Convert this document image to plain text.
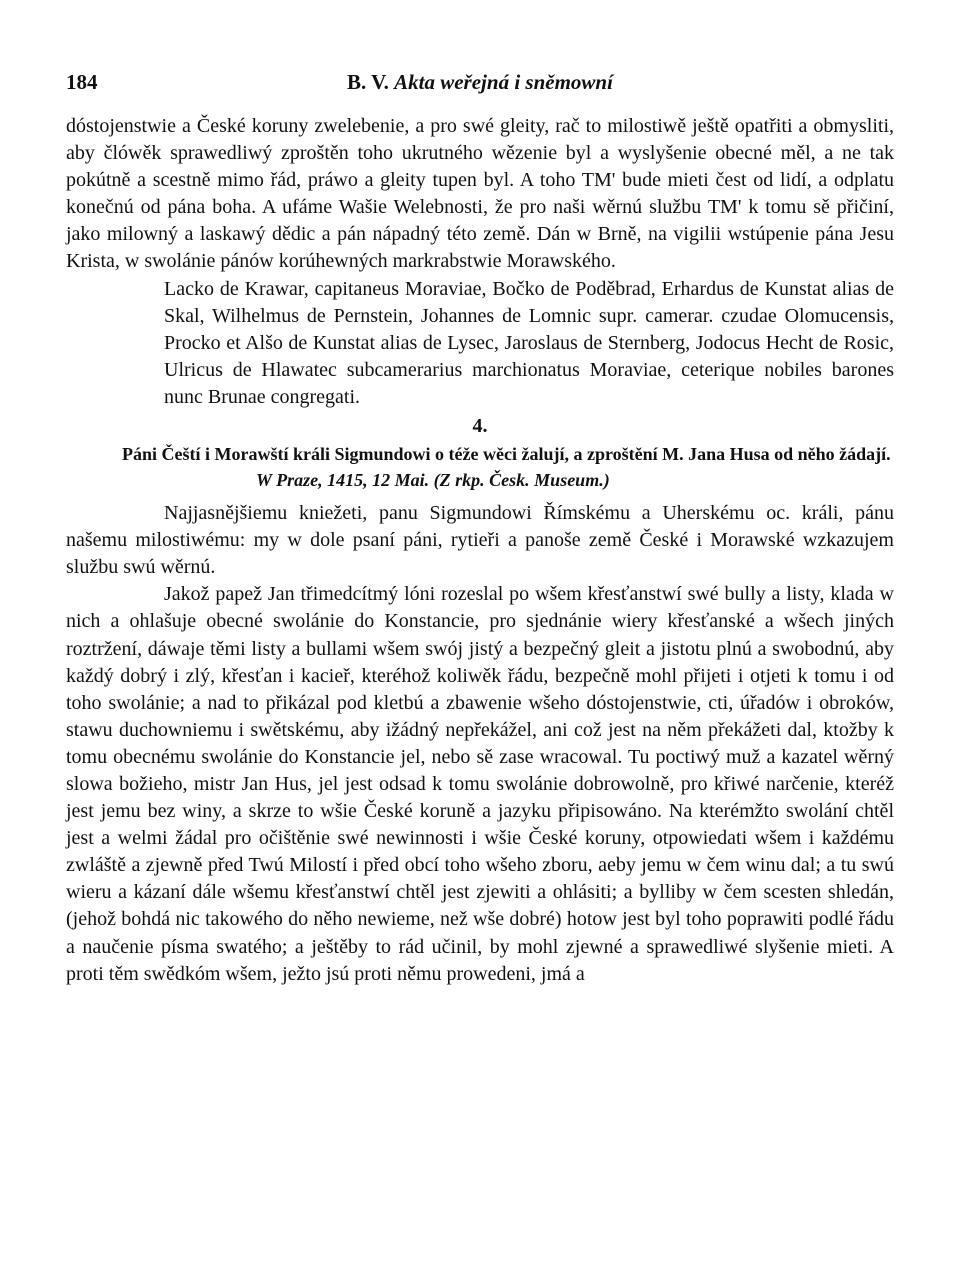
184	B. V. Akta weřejná i sněmowní

dóstojenstwie a České koruny zwelebenie, a pro swé gleity, rač to milostiwě ještě opatřiti a obmysliti, aby člówěk sprawedliwý zproštěn toho ukrutného wězenie byl a wyslyšenie obecné měl, a ne tak pokútně a scestně mimo řád, práwo a gleity tupen byl. A toho TM' bude mieti čest od lidí, a odplatu konečnú od pána boha. A ufáme Wašie Welebnosti, že pro naši wěrnú službu TM' k tomu sě přičiní, jako milowný a laskawý dědic a pán nápadný této země. Dán w Brně, na vigilii wstúpenie pána Jesu Krista, w swolánie pánów korúhewných markrabstwie Morawského.

Lacko de Krawar, capitaneus Moraviae, Bočko de Poděbrad, Erhardus de Kunstat alias de Skal, Wilhelmus de Pernstein, Johannes de Lomnic supr. camerar. czudae Olomucensis, Procko et Alšo de Kunstat alias de Lysec, Jaroslaus de Sternberg, Jodocus Hecht de Rosic, Ulricus de Hlawatec subcamerarius marchionatus Moraviae, ceterique nobiles barones nunc Brunae congregati.

4.

Páni Čeští i Morawští králi Sigmundowi o téže wěci žalují, a zproštění M. Jana Husa od něho žádají.

W Praze, 1415, 12 Mai. (Z rkp. Česk. Museum.)

Najjasnějšiemu kniežeti, panu Sigmundowi Římskému a Uherskému oc. králi, pánu našemu milostiwému: my w dole psaní páni, rytieři a panoše země České i Morawské wzkazujem službu swú wěrnú.

Jakož papež Jan třimedcítmý lóni rozeslal po wšem křesťanstwí swé bully a listy, klada w nich a ohlašuje obecné swolánie do Konstancie, pro sjednánie wiery křesťanské a wšech jiných roztržení, dáwaje těmi listy a bullami wšem swój jistý a bezpečný gleit a jistotu plnú a swobodnú, aby každý dobrý i zlý, křesťan i kacieř, kteréhož koliwěk řádu, bezpečně mohl přijeti i otjeti k tomu i od toho swolánie; a nad to přikázal pod kletbú a zbawenie wšeho dóstojenstwie, cti, úřadów i obroków, stawu duchowniemu i swětskému, aby ižádný nepřekážel, ani což jest na něm překážeti dal, ktožby k tomu obecnému swolánie do Konstancie jel, nebo sě zase wracowal. Tu poctiwý muž a kazatel wěrný slowa božieho, mistr Jan Hus, jel jest odsad k tomu swolánie dobrowolně, pro křiwé narčenie, kteréž jest jemu bez winy, a skrze to wšie České koruně a jazyku připisowáno. Na kterémžto swolání chtěl jest a welmi žádal pro očištěnie swé newinnosti i wšie České koruny, otpowiedati wšem i každému zwláště a zjewně před Twú Milostí i před obcí toho wšeho zboru, aeby jemu w čem winu dal; a tu swú wieru a kázaní dále wšemu křesťanstwí chtěl jest zjewiti a ohlásiti; a bylliby w čem scesten shledán, (jehož bohdá nic takowého do něho newieme, než wše dobré) hotow jest byl toho poprawiti podlé řádu a naučenie písma swatého; a ještěby to rád učinil, by mohl zjewné a sprawedliwé slyšenie mieti. A proti těm swědkóm wšem, ježto jsú proti němu prowedeni, jmá a
